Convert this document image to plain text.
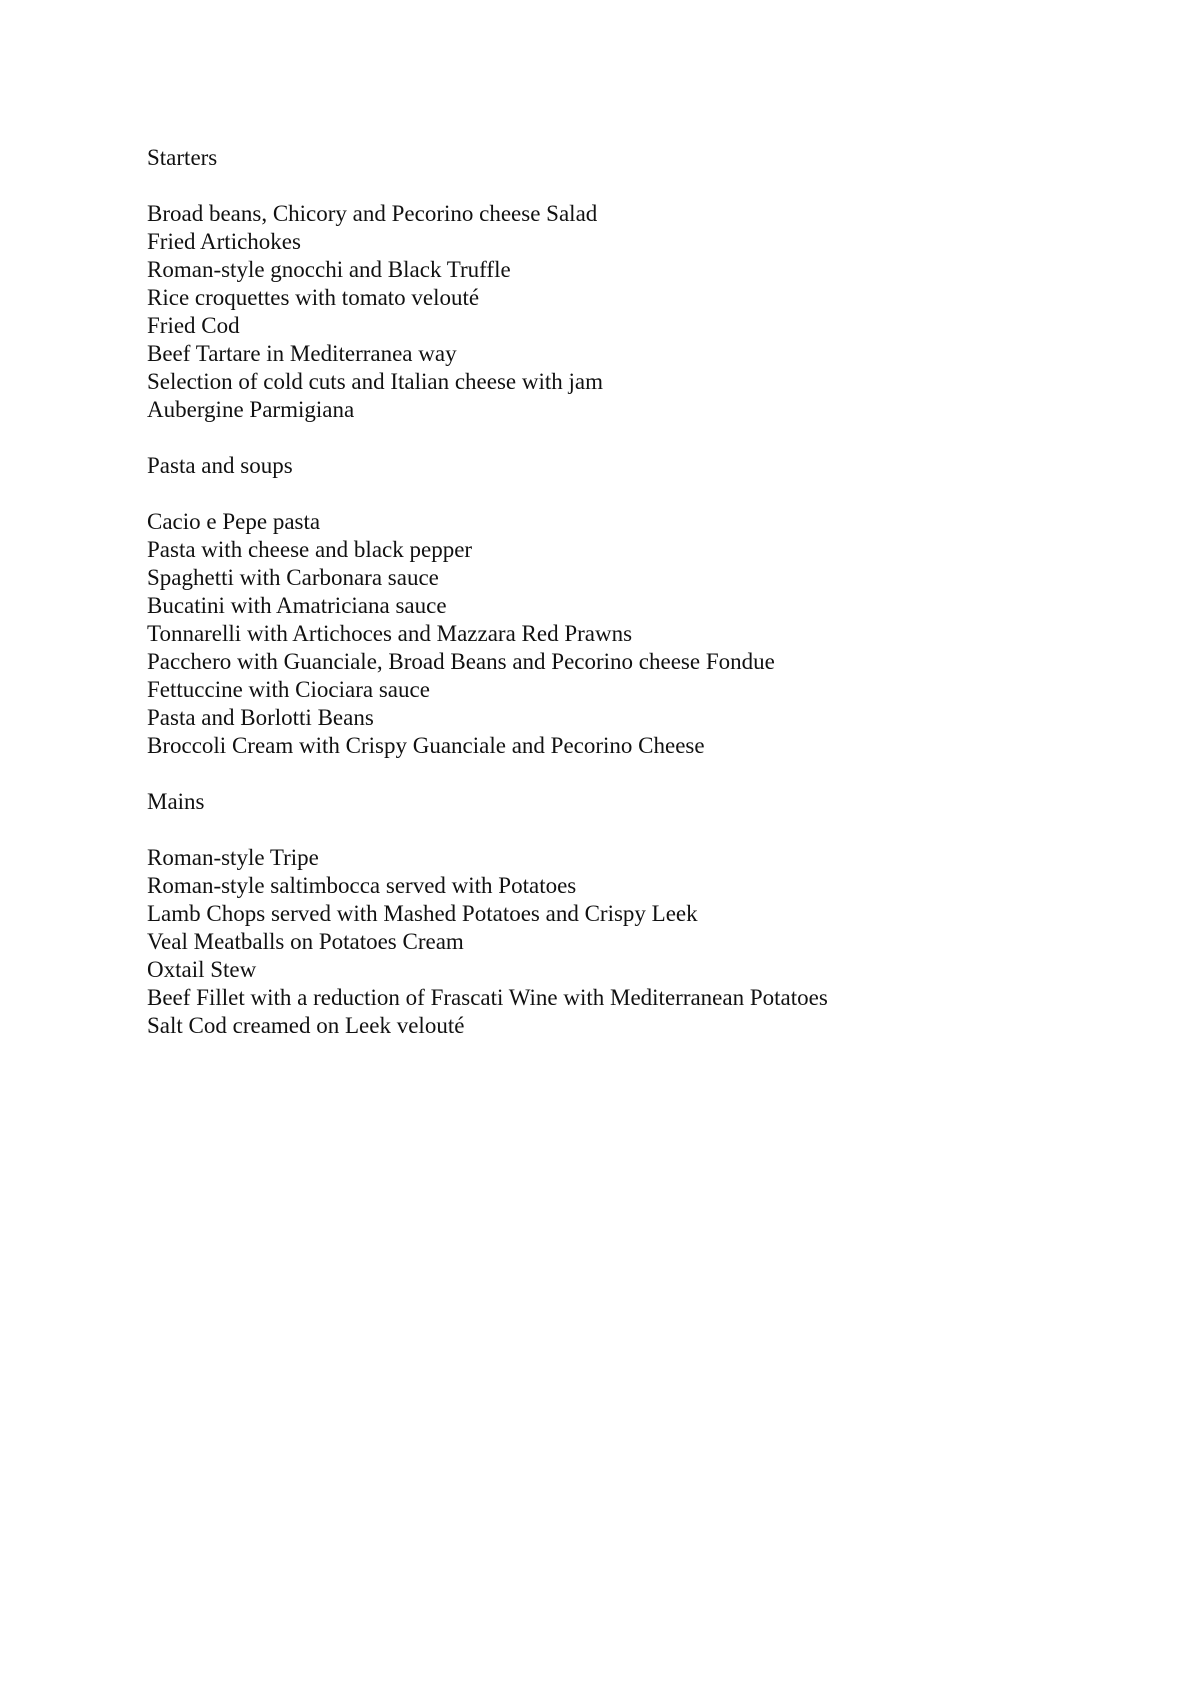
Starters

Broad beans, Chicory and Pecorino cheese Salad
Fried Artichokes
Roman-style gnocchi and Black Truffle
Rice croquettes with tomato velouté
Fried Cod
Beef Tartare in Mediterranea way
Selection of cold cuts and Italian cheese with jam
Aubergine Parmigiana

Pasta and soups

Cacio e Pepe pasta
Pasta with cheese and black pepper
Spaghetti with Carbonara sauce
Bucatini with Amatriciana sauce
Tonnarelli with Artichoces and Mazzara Red Prawns
Pacchero with Guanciale, Broad Beans and Pecorino cheese Fondue
Fettuccine with Ciociara sauce
Pasta and Borlotti Beans
Broccoli Cream with Crispy Guanciale and Pecorino Cheese

Mains

Roman-style Tripe
Roman-style saltimbocca served with Potatoes
Lamb Chops served with Mashed Potatoes and Crispy Leek
Veal Meatballs on Potatoes Cream
Oxtail Stew
Beef Fillet with a reduction of Frascati Wine with Mediterranean Potatoes
Salt Cod creamed on Leek velouté
